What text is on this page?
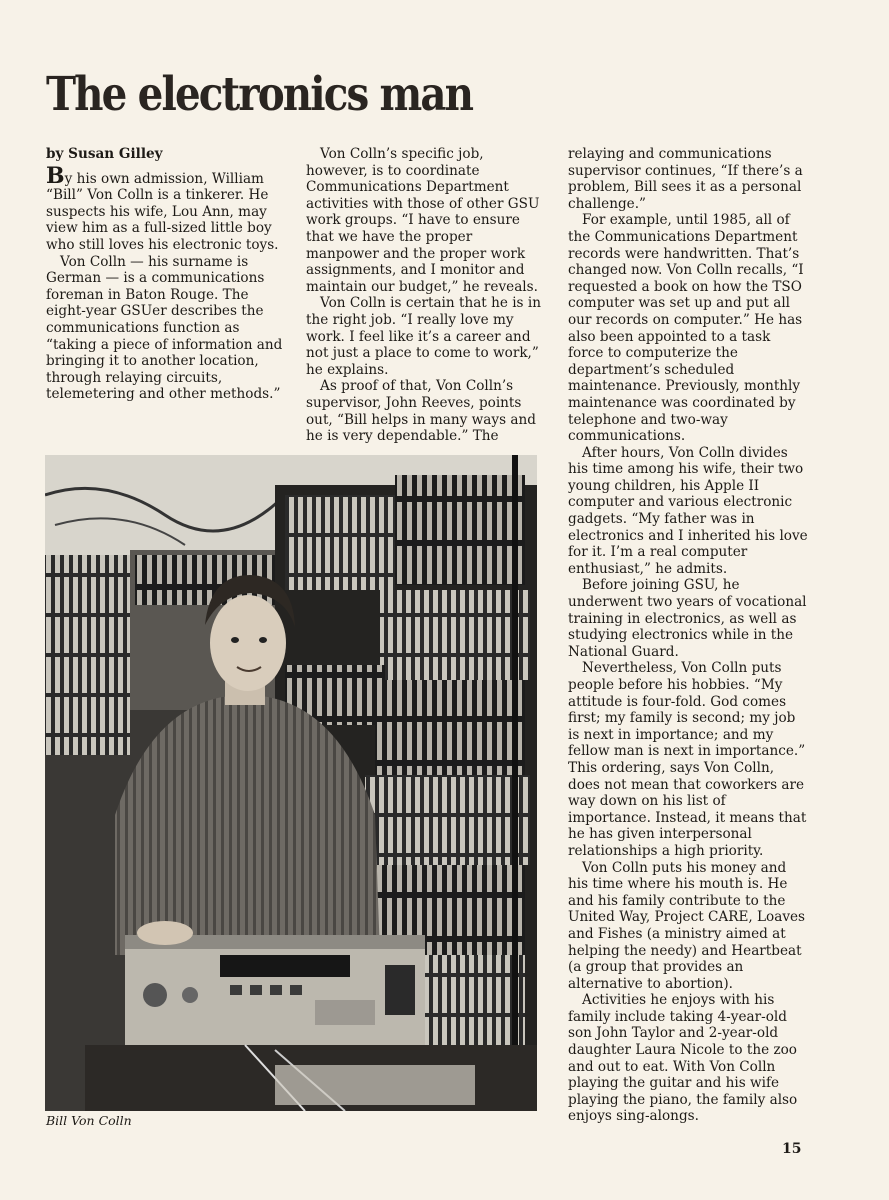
The electronics man

by Susan Gilley

By his own admission, William “Bill” Von Colln is a tinkerer. He suspects his wife, Lou Ann, may view him as a full-sized little boy who still loves his electronic toys.

Von Colln — his surname is German — is a communications foreman in Baton Rouge. The eight-year GSUer describes the communications function as “taking a piece of information and bringing it to another location, through relaying circuits, telemetering and other methods.”

Von Colln’s specific job, however, is to coordinate Communications Department activities with those of other GSU work groups. “I have to ensure that we have the proper manpower and the proper work assignments, and I monitor and maintain our budget,” he reveals.

Von Colln is certain that he is in the right job. “I really love my work. I feel like it’s a career and not just a place to come to work,” he explains.

As proof of that, Von Colln’s supervisor, John Reeves, points out, “Bill helps in many ways and he is very dependable.” The

relaying and communications supervisor continues, “If there’s a problem, Bill sees it as a personal challenge.”

For example, until 1985, all of the Communications Department records were handwritten. That’s changed now. Von Colln recalls, “I requested a book on how the TSO computer was set up and put all our records on computer.” He has also been appointed to a task force to computerize the department’s scheduled maintenance. Previously, monthly maintenance was coordinated by telephone and two-way communications.

After hours, Von Colln divides his time among his wife, their two young children, his Apple II computer and various electronic gadgets. “My father was in electronics and I inherited his love for it. I’m a real computer enthusiast,” he admits.

Before joining GSU, he underwent two years of vocational training in electronics, as well as studying electronics while in the National Guard.

Nevertheless, Von Colln puts people before his hobbies. “My attitude is four-fold. God comes first; my family is second; my job is next in importance; and my fellow man is next in importance.” This ordering, says Von Colln, does not mean that coworkers are way down on his list of importance. Instead, it means that he has given interpersonal relationships a high priority.

Von Colln puts his money and his time where his mouth is. He and his family contribute to the United Way, Project CARE, Loaves and Fishes (a ministry aimed at helping the needy) and Heartbeat (a group that provides an alternative to abortion).

Activities he enjoys with his family include taking 4-year-old son John Taylor and 2-year-old daughter Laura Nicole to the zoo and out to eat. With Von Colln playing the guitar and his wife playing the piano, the family also enjoys sing-alongs.

Bill Von Colln
15
